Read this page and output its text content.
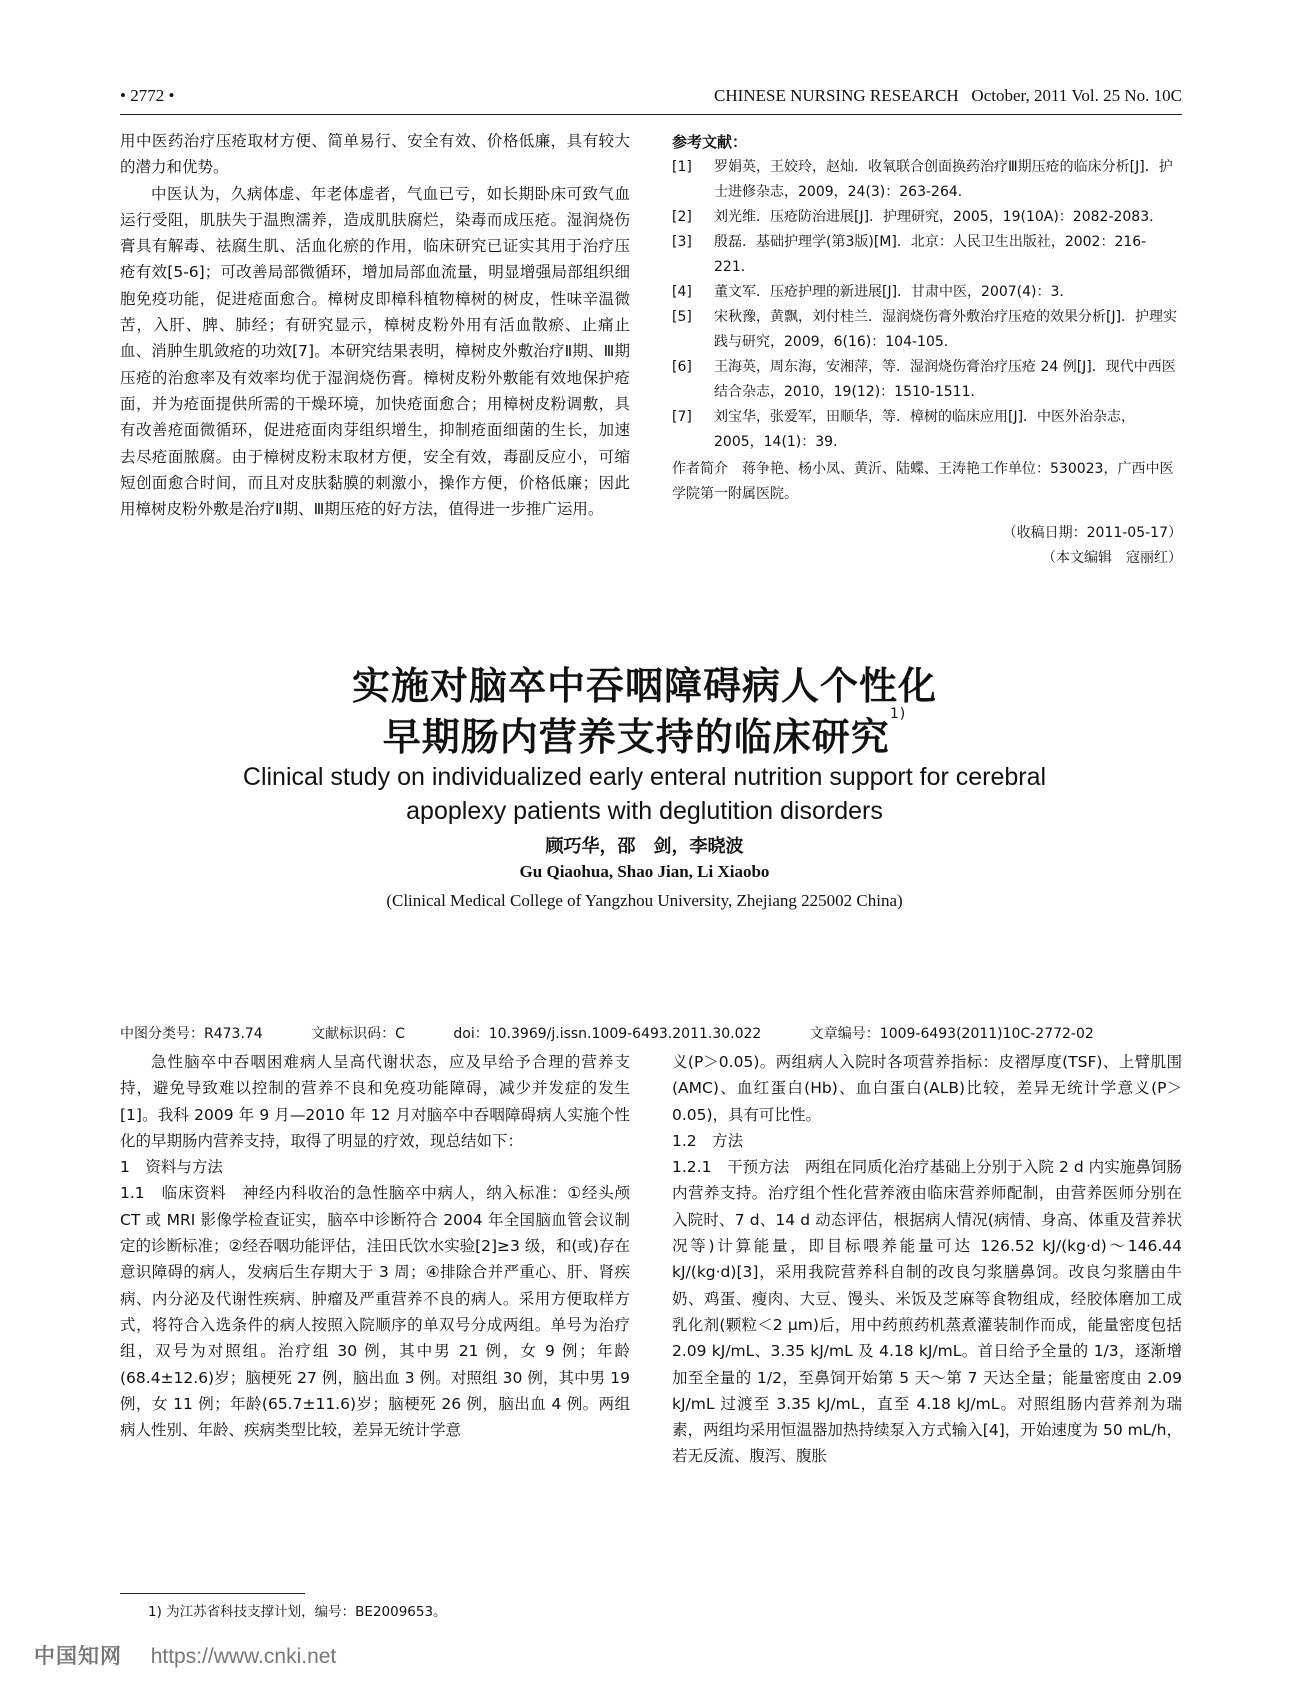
• 2772 •	CHINESE NURSING RESEARCH   October, 2011 Vol. 25 No. 10C

用中医药治疗压疮取材方便、简单易行、安全有效、价格低廉，具有较大的潜力和优势。

中医认为，久病体虚、年老体虚者，气血已亏，如长期卧床可致气血运行受阻，肌肤失于温煦濡养，造成肌肤腐烂，染毒而成压疮。湿润烧伤膏具有解毒、祛腐生肌、活血化瘀的作用，临床研究已证实其用于治疗压疮有效[5-6]；可改善局部微循环，增加局部血流量，明显增强局部组织细胞免疫功能，促进疮面愈合。樟树皮即樟科植物樟树的树皮，性味辛温微苦，入肝、脾、肺经；有研究显示，樟树皮粉外用有活血散瘀、止痛止血、消肿生肌敛疮的功效[7]。本研究结果表明，樟树皮外敷治疗Ⅱ期、Ⅲ期压疮的治愈率及有效率均优于湿润烧伤膏。樟树皮粉外敷能有效地保护疮面，并为疮面提供所需的干燥环境，加快疮面愈合；用樟树皮粉调敷，具有改善疮面微循环，促进疮面肉芽组织增生，抑制疮面细菌的生长，加速去尽疮面脓腐。由于樟树皮粉末取材方便，安全有效，毒副反应小，可缩短创面愈合时间，而且对皮肤黏膜的刺激小，操作方便，价格低廉；因此用樟树皮粉外敷是治疗Ⅱ期、Ⅲ期压疮的好方法，值得进一步推广运用。

参考文献：
[1]	罗娟英，王姣玲，赵灿．收氧联合创面换药治疗Ⅲ期压疮的临床分析[J]．护士进修杂志，2009，24(3)：263-264．
[2]	刘光维．压疮防治进展[J]．护理研究，2005，19(10A)：2082-2083．
[3]	殷磊．基础护理学(第3版)[M]．北京：人民卫生出版社，2002：216-221．
[4]	董文军．压疮护理的新进展[J]．甘肃中医，2007(4)：3．
[5]	宋秋豫，黄飘，刘付桂兰．湿润烧伤膏外敷治疗压疮的效果分析[J]．护理实践与研究，2009，6(16)：104-105．
[6]	王海英，周东海，安湘萍，等．湿润烧伤膏治疗压疮 24 例[J]．现代中西医结合杂志，2010，19(12)：1510-1511．
[7]	刘宝华，张爱军，田顺华，等．樟树的临床应用[J]．中医外治杂志，2005，14(1)：39．
作者简介　蒋争艳、杨小凤、黄沂、陆蝶、王涛艳工作单位：530023，广西中医学院第一附属医院。
（收稿日期：2011-05-17）
（本文编辑　寇丽红）
实施对脑卒中吞咽障碍病人个性化
早期肠内营养支持的临床研究$^{1)}$
Clinical study on individualized early enteral nutrition support for cerebral
apoplexy patients with deglutition disorders
顾巧华，邵　剑，李晓波
Gu Qiaohua, Shao Jian, Li Xiaobo
(Clinical Medical College of Yangzhou University, Zhejiang 225002 China)
中图分类号：R473.74	文献标识码：C	doi：10.3969/j.issn.1009-6493.2011.30.022	文章编号：1009-6493(2011)10C-2772-02

急性脑卒中吞咽困难病人呈高代谢状态，应及早给予合理的营养支持，避免导致难以控制的营养不良和免疫功能障碍，减少并发症的发生[1]。我科 2009 年 9 月—2010 年 12 月对脑卒中吞咽障碍病人实施个性化的早期肠内营养支持，取得了明显的疗效，现总结如下：

1　资料与方法

1.1　临床资料　神经内科收治的急性脑卒中病人，纳入标准：①经头颅 CT 或 MRI 影像学检查证实，脑卒中诊断符合 2004 年全国脑血管会议制定的诊断标准；②经吞咽功能评估，洼田氏饮水实验[2]≥3 级，和(或)存在意识障碍的病人，发病后生存期大于 3 周；④排除合并严重心、肝、肾疾病、内分泌及代谢性疾病、肿瘤及严重营养不良的病人。采用方便取样方式，将符合入选条件的病人按照入院顺序的单双号分成两组。单号为治疗组，双号为对照组。治疗组 30 例，其中男 21 例，女 9 例；年龄(68.4±12.6)岁；脑梗死 27 例，脑出血 3 例。对照组 30 例，其中男 19 例，女 11 例；年龄(65.7±11.6)岁；脑梗死 26 例，脑出血 4 例。两组病人性别、年龄、疾病类型比较，差异无统计学意

义(P＞0.05)。两组病人入院时各项营养指标：皮褶厚度(TSF)、上臂肌围(AMC)、血红蛋白(Hb)、血白蛋白(ALB)比较，差异无统计学意义(P＞0.05)，具有可比性。

1.2　方法

1.2.1　干预方法　两组在同质化治疗基础上分别于入院 2 d 内实施鼻饲肠内营养支持。治疗组个性化营养液由临床营养师配制，由营养医师分别在入院时、7 d、14 d 动态评估，根据病人情况(病情、身高、体重及营养状况等)计算能量，即目标喂养能量可达 126.52 kJ/(kg·d)～146.44 kJ/(kg·d)[3]，采用我院营养科自制的改良匀浆膳鼻饲。改良匀浆膳由牛奶、鸡蛋、瘦肉、大豆、馒头、米饭及芝麻等食物组成，经胶体磨加工成乳化剂(颗粒＜2 μm)后，用中药煎药机蒸煮灌装制作而成，能量密度包括 2.09 kJ/mL、3.35 kJ/mL 及 4.18 kJ/mL。首日给予全量的 1/3，逐渐增加至全量的 1/2，至鼻饲开始第 5 天～第 7 天达全量；能量密度由 2.09 kJ/mL 过渡至 3.35 kJ/mL，直至 4.18 kJ/mL。对照组肠内营养剂为瑞素，两组均采用恒温器加热持续泵入方式输入[4]，开始速度为 50 mL/h，若无反流、腹泻、腹胀

1) 为江苏省科技支撑计划，编号：BE2009653。
中国知网 https://www.cnki.net
